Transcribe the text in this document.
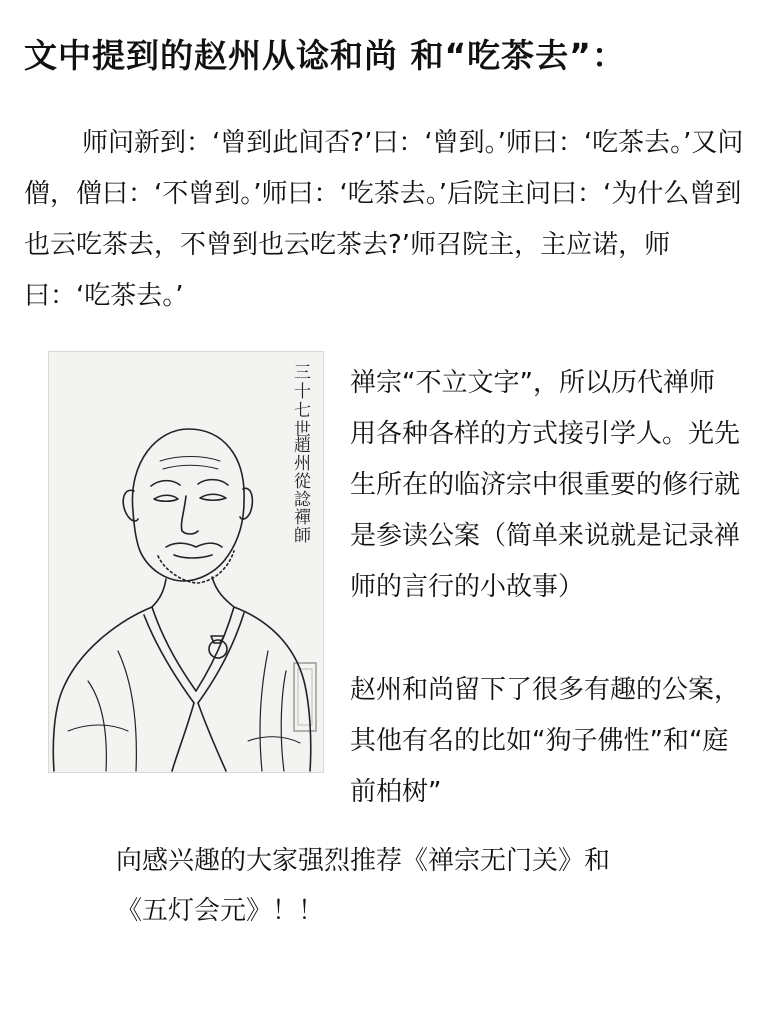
文中提到的赵州从谂和尚 和“吃茶去”：
师问新到：‘曾到此间否?’曰：‘曾到。’师曰：‘吃茶去。’又问僧，僧曰：‘不曾到。’师曰：‘吃茶去。’后院主问曰：‘为什么曾到也云吃茶去，不曾到也云吃茶去?’师召院主，主应诺，师曰：‘吃茶去。’
三十七世
趙州從諗禪師
禅宗“不立文字”，所以历代禅师用各种各样的方式接引学人。光先生所在的临济宗中很重要的修行就是参读公案（简单来说就是记录禅师的言行的小故事）
赵州和尚留下了很多有趣的公案，其他有名的比如“狗子佛性”和“庭前柏树”
向感兴趣的大家强烈推荐《禅宗无门关》和
《五灯会元》！！
